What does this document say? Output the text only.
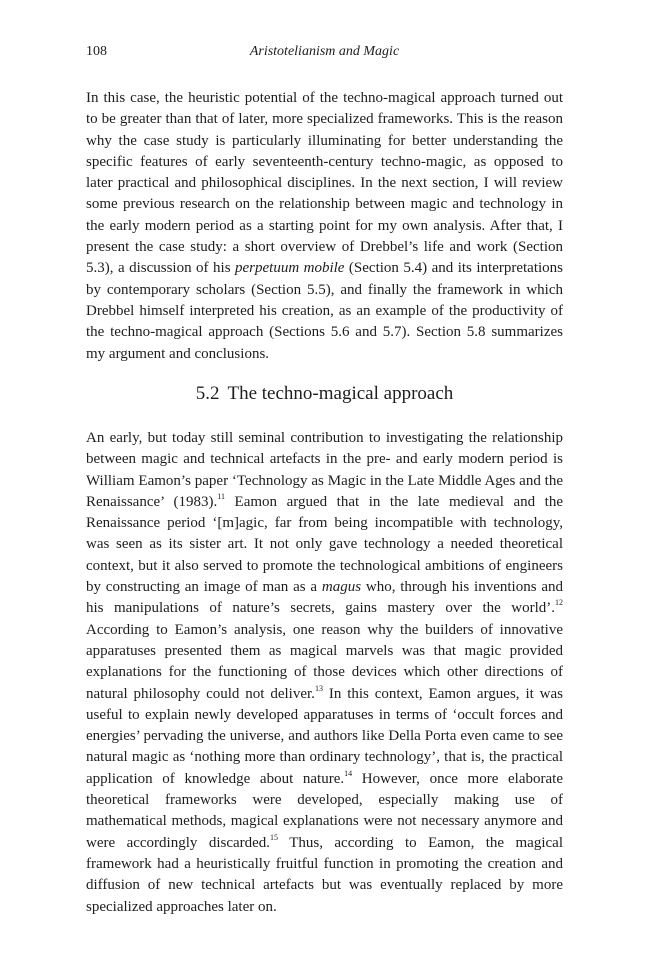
108	Aristotelianism and Magic

In this case, the heuristic potential of the techno-magical approach turned out to be greater than that of later, more specialized frameworks. This is the reason why the case study is particularly illuminating for better understanding the specific features of early seventeenth-century techno-magic, as opposed to later practical and philosophical disciplines. In the next section, I will review some previous research on the relationship between magic and technology in the early modern period as a starting point for my own analysis. After that, I present the case study: a short overview of Drebbel’s life and work (Section 5.3), a discussion of his perpetuum mobile (Section 5.4) and its interpretations by contemporary scholars (Section 5.5), and finally the framework in which Drebbel himself interpreted his creation, as an example of the productivity of the techno-magical approach (Sections 5.6 and 5.7). Section 5.8 summarizes my argument and conclusions.

5.2 The techno-magical approach

An early, but today still seminal contribution to investigating the relationship between magic and technical artefacts in the pre- and early modern period is William Eamon’s paper ‘Technology as Magic in the Late Middle Ages and the Renaissance’ (1983).$^{11}$ Eamon argued that in the late medieval and the Renaissance period ‘[m]agic, far from being incompatible with technology, was seen as its sister art. It not only gave technology a needed theoretical context, but it also served to promote the technological ambitions of engineers by constructing an image of man as a magus who, through his inventions and his manipulations of nature’s secrets, gains mastery over the world’.$^{12}$ According to Eamon’s analysis, one reason why the builders of innovative apparatuses presented them as magical marvels was that magic provided explanations for the functioning of those devices which other directions of natural philosophy could not deliver.$^{13}$ In this context, Eamon argues, it was useful to explain newly developed apparatuses in terms of ‘occult forces and energies’ pervading the universe, and authors like Della Porta even came to see natural magic as ‘nothing more than ordinary technology’, that is, the practical application of knowledge about nature.$^{14}$ However, once more elaborate theoretical frameworks were developed, especially making use of mathematical methods, magical explanations were not necessary anymore and were accordingly discarded.$^{15}$ Thus, according to Eamon, the magical framework had a heuristically fruitful function in promoting the creation and diffusion of new technical artefacts but was eventually replaced by more specialized approaches later on.
